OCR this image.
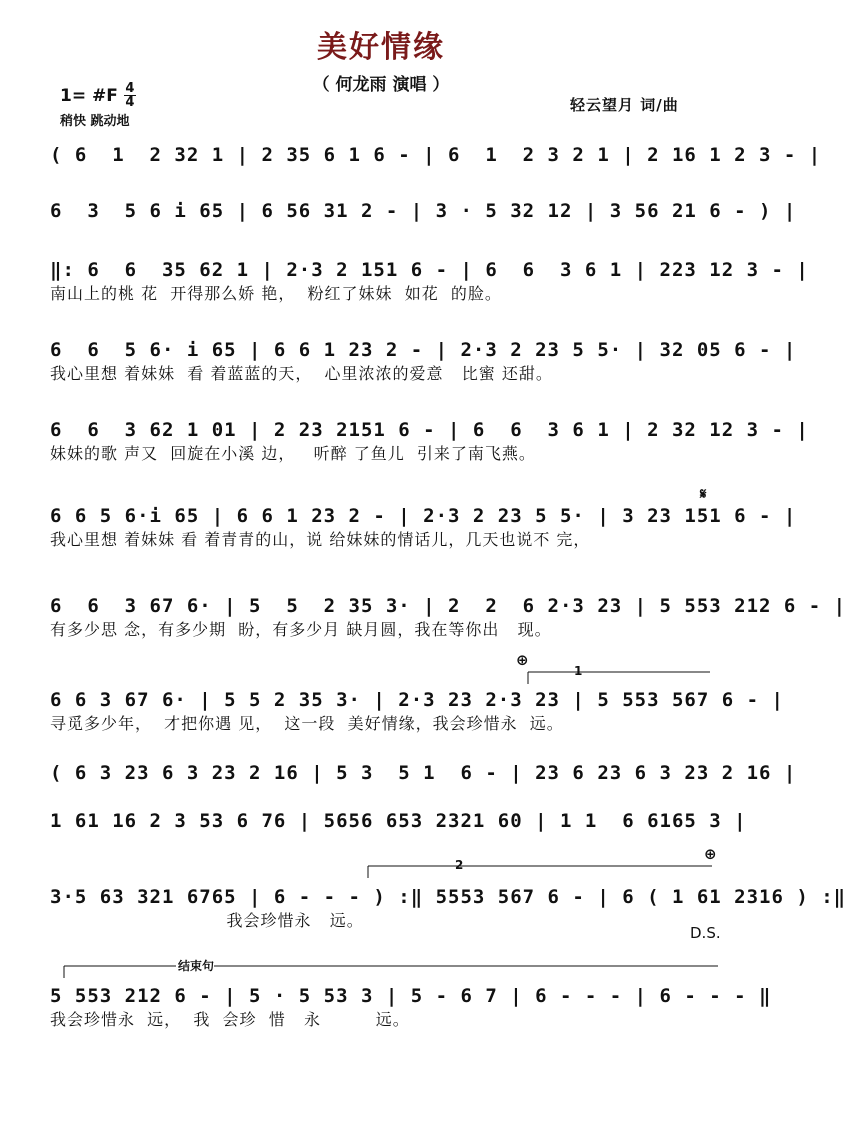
美好情缘
（ 何龙雨 演唱 ）
1= #F $\frac{4}{4}$
稍快 跳动地
轻云望月 词/曲
( 6  1  2 32 1 | 2 35 6 1 6 - | 6  1  2 3 2 1 | 2 16 1 2 3 - |
6  3  5 6 i 65 | 6 56 31 2 - | 3 · 5 32 12 | 3 56 21 6 - ) |
‖: 6  6  35 62 1 | 2·3 2 151 6 - | 6  6  3 6 1 | 223 12 3 - |
南山上的桃 花  开得那么娇 艳，  粉红了妹妹  如花  的脸。
6  6  5 6· i 65 | 6 6 1 23 2 - | 2·3 2 23 5 5· | 32 05 6 - |
我心里想 着妹妹  看 着蓝蓝的天，  心里浓浓的爱意   比蜜 还甜。
6  6  3 62 1 01 | 2 23 2151 6 - | 6  6  3 6 1 | 2 32 12 3 - |
妹妹的歌 声又  回旋在小溪 边，   听醉 了鱼儿  引来了南飞燕。
6 6 5 6·i 65 | 6 6 1 23 2 - | 2·3 2 23 5 5· | 3 23 151 6 - |
我心里想 着妹妹 看 着青青的山，说 给妹妹的情话儿，几天也说不 完，
6  6  3 67 6· | 5  5  2 35 3· | 2  2  6 2·3 23 | 5 553 212 6 - |
有多少思 念，有多少期  盼，有多少月 缺月圆，我在等你出   现。
6 6 3 67 6· | 5 5 2 35 3· | 2·3 23 2·3 23 | 5 553 567 6 - |
寻觅多少年，  才把你遇 见，  这一段  美好情缘，我会珍惜永  远。
( 6 3 23 6 3 23 2 16 | 5 3  5 1  6 - | 23 6 23 6 3 23 2 16 |
1 61 16 2 3 53 6 76 | 5656 653 2321 60 | 1 1  6 6165 3 |
3·5 63 321 6765 | 6 - - - ) :‖ 5553 567 6 - | 6 ( 1 61 2316 ) :‖
我会珍惜永   远。
5 553 212 6 - | 5 · 5 53 3 | 5 - 6 7 | 6 - - - | 6 - - - ‖
我会珍惜永  远，  我  会珍  惜   永         远。
𝄋
⊕
⊕
1
2
结束句
D.S.
